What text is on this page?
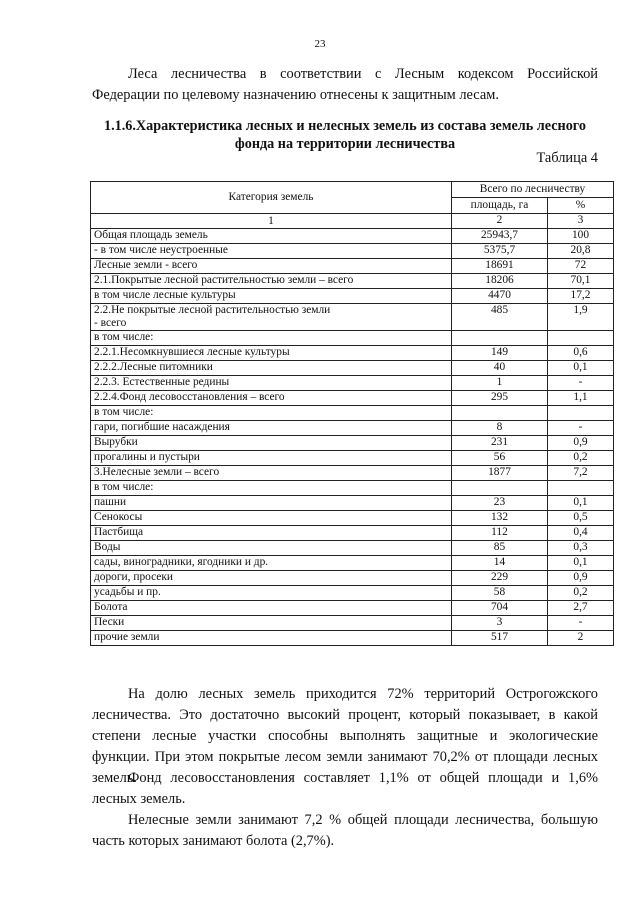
23

Леса лесничества в соответствии с Лесным кодексом Российской Федерации по целевому назначению отнесены к защитным лесам.

1.1.6.Характеристика лесных и нелесных земель из состава земель лесного фонда на территории лесничества

Таблица 4
Категория земель	Всего по лесничеству	
	площадь, га	%
1	2	3

Общая площадь земель	25943,7	100

- в том числе неустроенные	5375,7	20,8

Лесные земли - всего	18691	72

2.1.Покрытые лесной растительностью земли – всего	18206	70,1

в том числе лесные культуры	4470	17,2

2.2.Не покрытые лесной растительностью земли
- всего	485	1,9

в том числе:		

2.2.1.Несомкнувшиеся лесные культуры	149	0,6

2.2.2.Лесные питомники	40	0,1

2.2.3. Естественные редины	1	-

2.2.4.Фонд лесовосстановления – всего	295	1,1

в том числе:		

гари, погибшие насаждения	8	-

Вырубки	231	0,9

прогалины и пустыри	56	0,2

3.Нелесные земли – всего	1877	7,2

в том числе:		

пашни	23	0,1

Сенокосы	132	0,5

Пастбища	112	0,4

Воды	85	0,3

сады, виноградники, ягодники и др.	14	0,1

дороги, просеки	229	0,9

усадьбы и пр.	58	0,2

Болота	704	2,7

Пески	3	-

прочие земли	517	2

На долю лесных земель приходится 72% территорий Острогожского лесничества. Это достаточно высокий процент, который показывает, в какой степени лесные участки способны выполнять защитные и экологические функции. При этом покрытые лесом земли занимают 70,2% от площади лесных земель.

Фонд лесовосстановления составляет 1,1% от общей площади и 1,6% лесных земель.

Нелесные земли занимают 7,2 % общей площади лесничества, большую часть которых занимают болота (2,7%).
